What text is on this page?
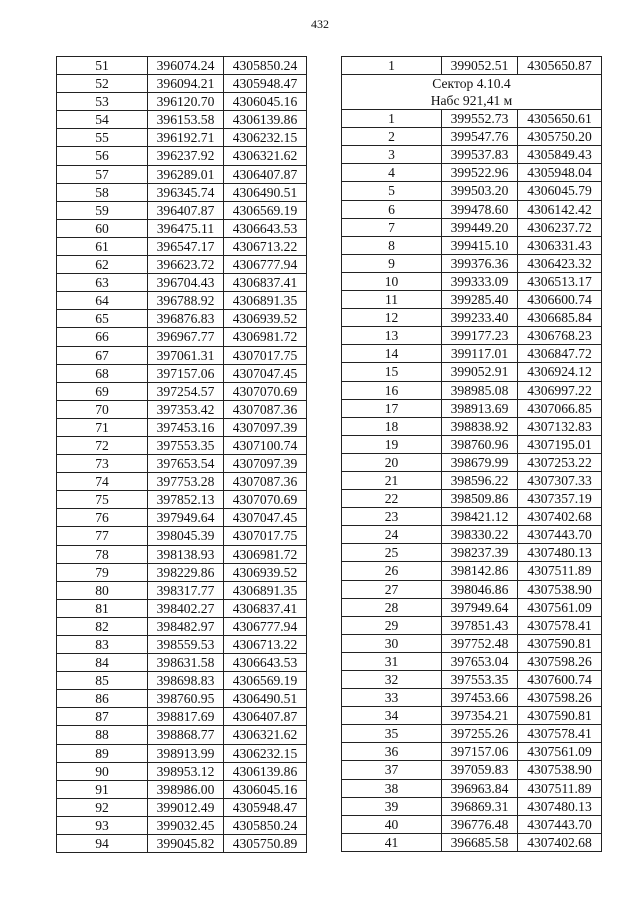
432
51	396074.24	4305850.24
52	396094.21	4305948.47
53	396120.70	4306045.16
54	396153.58	4306139.86
55	396192.71	4306232.15
56	396237.92	4306321.62
57	396289.01	4306407.87
58	396345.74	4306490.51
59	396407.87	4306569.19
60	396475.11	4306643.53
61	396547.17	4306713.22
62	396623.72	4306777.94
63	396704.43	4306837.41
64	396788.92	4306891.35
65	396876.83	4306939.52
66	396967.77	4306981.72
67	397061.31	4307017.75
68	397157.06	4307047.45
69	397254.57	4307070.69
70	397353.42	4307087.36
71	397453.16	4307097.39
72	397553.35	4307100.74
73	397653.54	4307097.39
74	397753.28	4307087.36
75	397852.13	4307070.69
76	397949.64	4307047.45
77	398045.39	4307017.75
78	398138.93	4306981.72
79	398229.86	4306939.52
80	398317.77	4306891.35
81	398402.27	4306837.41
82	398482.97	4306777.94
83	398559.53	4306713.22
84	398631.58	4306643.53
85	398698.83	4306569.19
86	398760.95	4306490.51
87	398817.69	4306407.87
88	398868.77	4306321.62
89	398913.99	4306232.15
90	398953.12	4306139.86
91	398986.00	4306045.16
92	399012.49	4305948.47
93	399032.45	4305850.24
94	399045.82	4305750.89
1	399052.51	4305650.87

Сектор 4.10.4
Набс 921,41 м		

1	399552.73	4305650.61
2	399547.76	4305750.20
3	399537.83	4305849.43
4	399522.96	4305948.04
5	399503.20	4306045.79
6	399478.60	4306142.42
7	399449.20	4306237.72
8	399415.10	4306331.43
9	399376.36	4306423.32
10	399333.09	4306513.17
11	399285.40	4306600.74
12	399233.40	4306685.84
13	399177.23	4306768.23
14	399117.01	4306847.72
15	399052.91	4306924.12
16	398985.08	4306997.22
17	398913.69	4307066.85
18	398838.92	4307132.83
19	398760.96	4307195.01
20	398679.99	4307253.22
21	398596.22	4307307.33
22	398509.86	4307357.19
23	398421.12	4307402.68
24	398330.22	4307443.70
25	398237.39	4307480.13
26	398142.86	4307511.89
27	398046.86	4307538.90
28	397949.64	4307561.09
29	397851.43	4307578.41
30	397752.48	4307590.81
31	397653.04	4307598.26
32	397553.35	4307600.74
33	397453.66	4307598.26
34	397354.21	4307590.81
35	397255.26	4307578.41
36	397157.06	4307561.09
37	397059.83	4307538.90
38	396963.84	4307511.89
39	396869.31	4307480.13
40	396776.48	4307443.70
41	396685.58	4307402.68
